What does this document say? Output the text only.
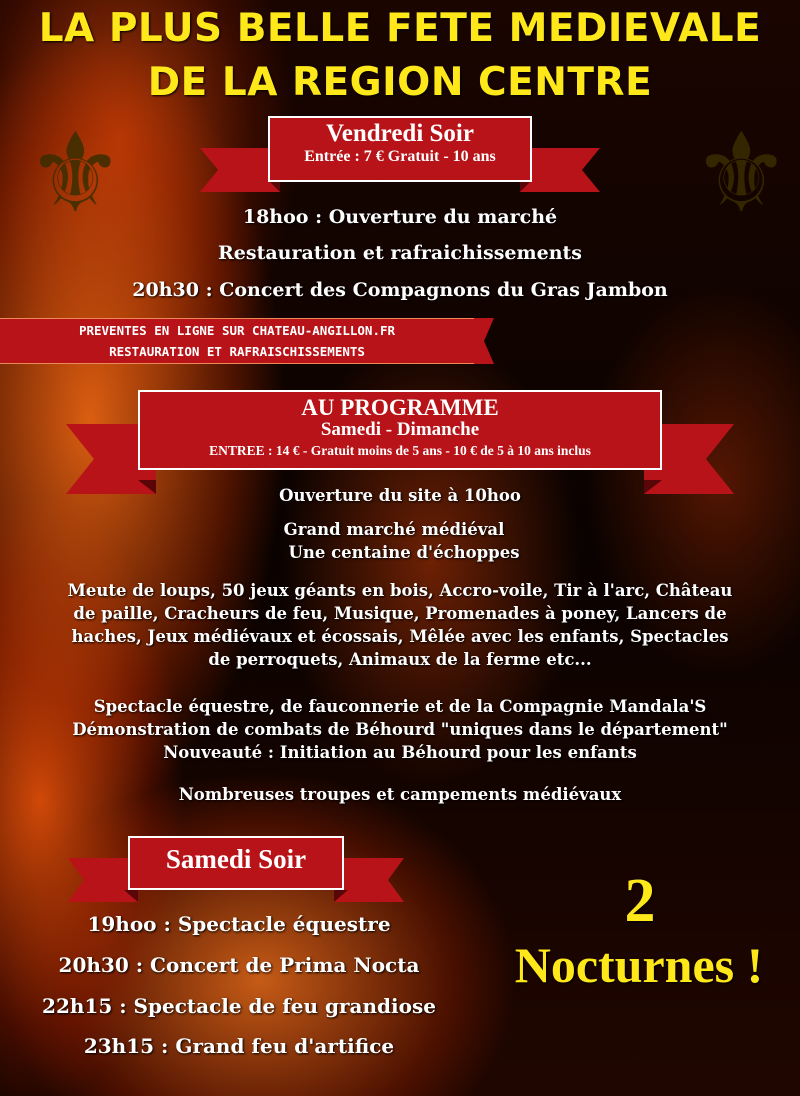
LA PLUS BELLE FETE MEDIEVALE
DE LA REGION CENTRE
⚜	⚜
Vendredi Soir
Entrée : 7 € Gratuit - 10 ans
18hoo : Ouverture du marché
Restauration et rafraichissements
20h30 : Concert des Compagnons du Gras Jambon
PREVENTES EN LIGNE SUR CHATEAU-ANGILLON.FR
RESTAURATION ET RAFRAISCHISSEMENTS
AU PROGRAMME
Samedi - Dimanche
ENTREE : 14 € - Gratuit moins de 5 ans - 10 € de 5 à 10 ans inclus
Ouverture du site à 10hoo
Grand marché médiéval
Une centaine d'échoppes
Meute de loups, 50 jeux géants en bois, Accro-voile, Tir à l'arc, Château
de paille, Cracheurs de feu, Musique, Promenades à poney, Lancers de
haches, Jeux médiévaux et écossais, Mêlée avec les enfants, Spectacles
de perroquets, Animaux de la ferme etc...
Spectacle équestre, de fauconnerie et de la Compagnie Mandala'S
Démonstration de combats de Béhourd "uniques dans le département"
Nouveauté : Initiation au Béhourd pour les enfants
Nombreuses troupes et campements médiévaux
Samedi Soir
19hoo : Spectacle équestre
20h30 : Concert de Prima Nocta
22h15 : Spectacle de feu grandiose
23h15 : Grand feu d'artifice
2
Nocturnes !
